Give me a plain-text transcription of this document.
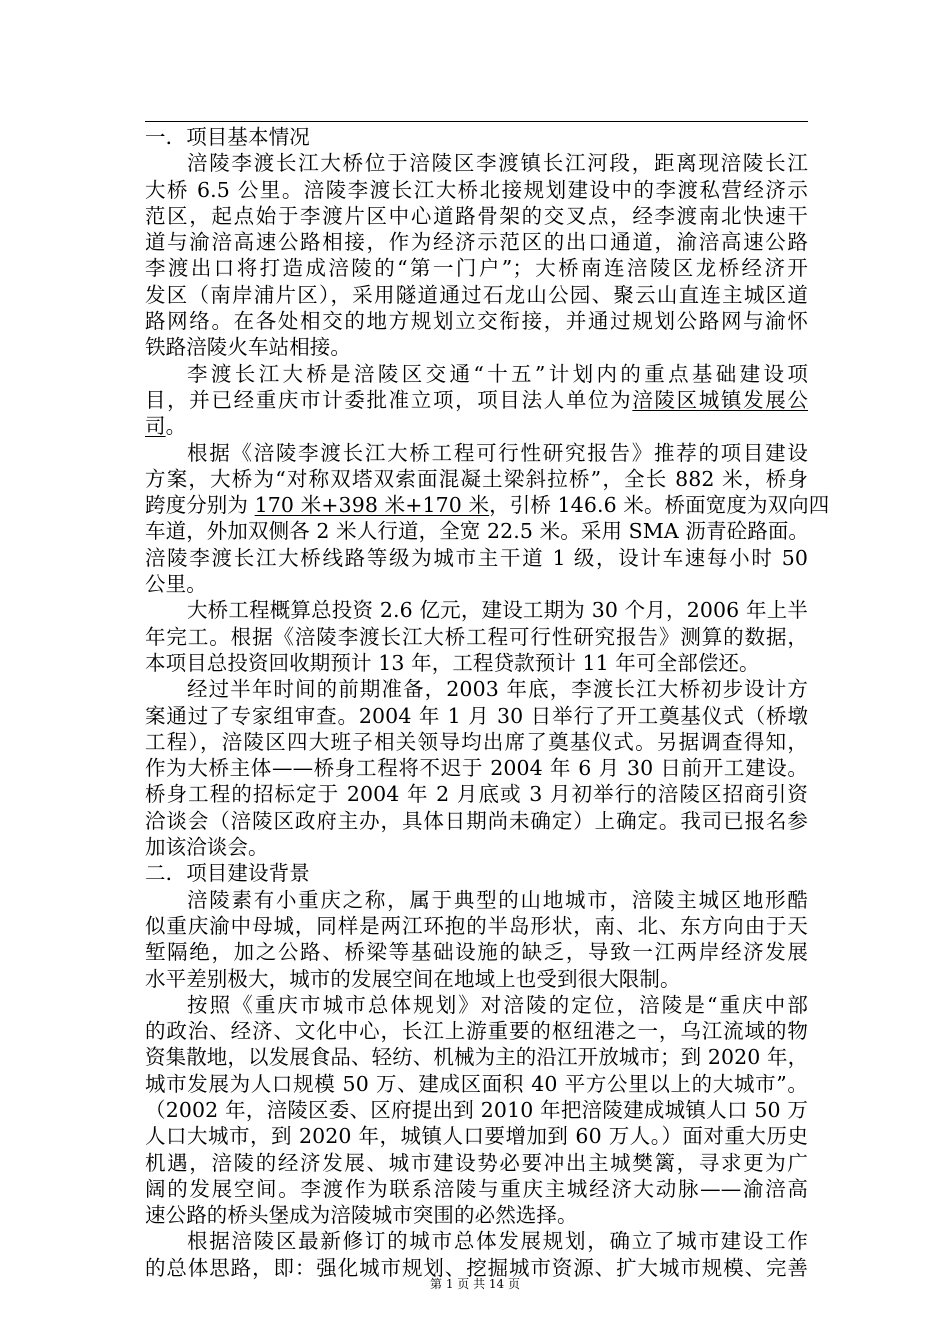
一．项目基本情况
涪陵李渡长江大桥位于涪陵区李渡镇长江河段，距离现涪陵长江
大桥 6.5 公里。涪陵李渡长江大桥北接规划建设中的李渡私营经济示
范区，起点始于李渡片区中心道路骨架的交叉点，经李渡南北快速干
道与渝涪高速公路相接，作为经济示范区的出口通道，渝涪高速公路
李渡出口将打造成涪陵的“第一门户”；大桥南连涪陵区龙桥经济开
发区（南岸浦片区），采用隧道通过石龙山公园、聚云山直连主城区道
路网络。在各处相交的地方规划立交衔接，并通过规划公路网与渝怀
铁路涪陵火车站相接。
李渡长江大桥是涪陵区交通“十五”计划内的重点基础建设项
目，并已经重庆市计委批准立项，项目法人单位为涪陵区城镇发展公
司。
根据《涪陵李渡长江大桥工程可行性研究报告》推荐的项目建设
方案，大桥为“对称双塔双索面混凝土梁斜拉桥”，全长 882 米，桥身
跨度分别为 170 米+398 米+170 米，引桥 146.6 米。桥面宽度为双向四
车道，外加双侧各 2 米人行道，全宽 22.5 米。采用 SMA 沥青砼路面。
涪陵李渡长江大桥线路等级为城市主干道 1 级，设计车速每小时 50
公里。
大桥工程概算总投资 2.6 亿元，建设工期为 30 个月，2006 年上半
年完工。根据《涪陵李渡长江大桥工程可行性研究报告》测算的数据，
本项目总投资回收期预计 13 年，工程贷款预计 11 年可全部偿还。
经过半年时间的前期准备，2003 年底，李渡长江大桥初步设计方
案通过了专家组审查。2004 年 1 月 30 日举行了开工奠基仪式（桥墩
工程），涪陵区四大班子相关领导均出席了奠基仪式。另据调查得知，
作为大桥主体——桥身工程将不迟于 2004 年 6 月 30 日前开工建设。
桥身工程的招标定于 2004 年 2 月底或 3 月初举行的涪陵区招商引资
洽谈会（涪陵区政府主办，具体日期尚未确定）上确定。我司已报名参
加该洽谈会。
二．项目建设背景
涪陵素有小重庆之称，属于典型的山地城市，涪陵主城区地形酷
似重庆渝中母城，同样是两江环抱的半岛形状，南、北、东方向由于天
堑隔绝，加之公路、桥梁等基础设施的缺乏，导致一江两岸经济发展
水平差别极大，城市的发展空间在地域上也受到很大限制。
按照《重庆市城市总体规划》对涪陵的定位，涪陵是“重庆中部
的政治、经济、文化中心，长江上游重要的枢纽港之一，乌江流域的物
资集散地，以发展食品、轻纺、机械为主的沿江开放城市；到 2020 年，
城市发展为人口规模 50 万、建成区面积 40 平方公里以上的大城市”。
（2002 年，涪陵区委、区府提出到 2010 年把涪陵建成城镇人口 50 万
人口大城市，到 2020 年，城镇人口要增加到 60 万人。）面对重大历史
机遇，涪陵的经济发展、城市建设势必要冲出主城樊篱，寻求更为广
阔的发展空间。李渡作为联系涪陵与重庆主城经济大动脉——渝涪高
速公路的桥头堡成为涪陵城市突围的必然选择。
根据涪陵区最新修订的城市总体发展规划，确立了城市建设工作
的总体思路，即：强化城市规划、挖掘城市资源、扩大城市规模、完善
第 1 页 共 14 页
